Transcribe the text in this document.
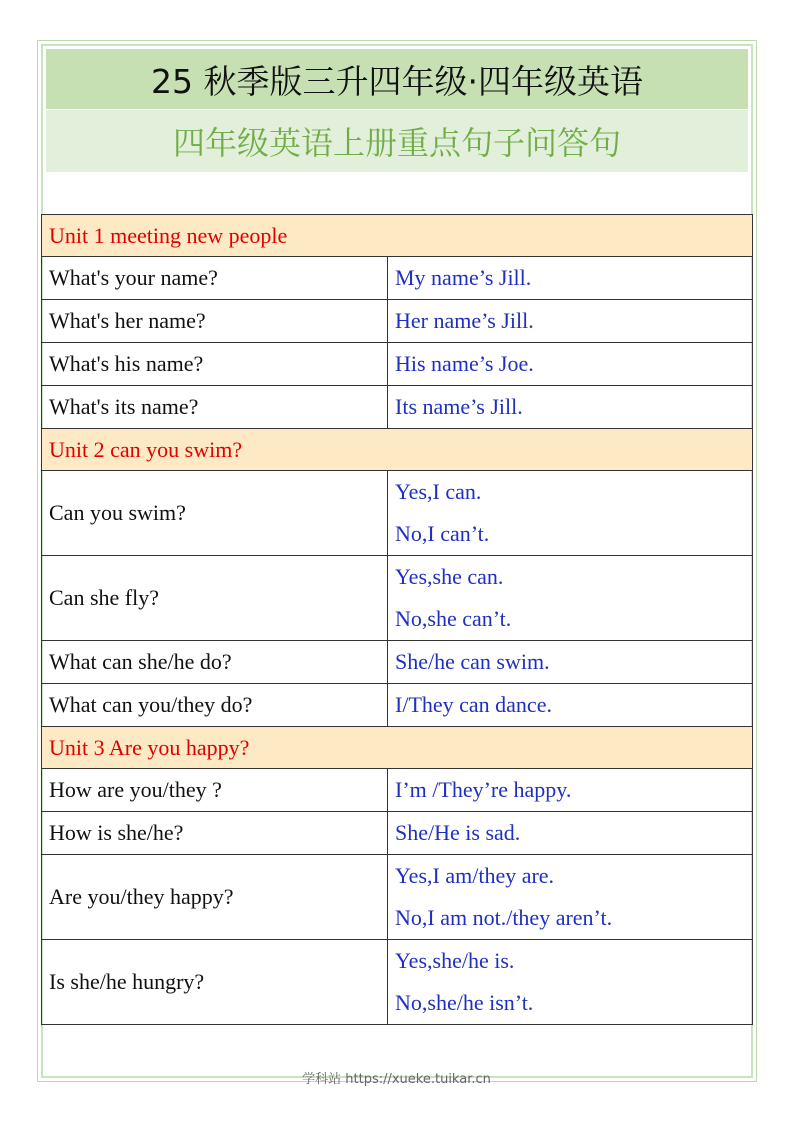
25 秋季版三升四年级·四年级英语
四年级英语上册重点句子问答句
Unit 1 meeting new people	
What's your name?	My name’s Jill.

What's her name?	Her name’s Jill.

What's his name?	His name’s Joe.

What's its name?	Its name’s Jill.

Unit 2 can you swim?	
Can you swim?	Yes,I can.
No,I can’t.

Can she fly?	Yes,she can.
No,she can’t.

What can she/he do?	She/he can swim.

What can you/they do?	I/They can dance.

Unit 3 Are you happy?	
How are you/they ?	I’m /They’re happy.

How is she/he?	She/He is sad.

Are you/they happy?	Yes,I am/they are.
No,I am not./they aren’t.

Is she/he hungry?	Yes,she/he is.
No,she/he isn’t.
学科站 https://xueke.tuikar.cn
